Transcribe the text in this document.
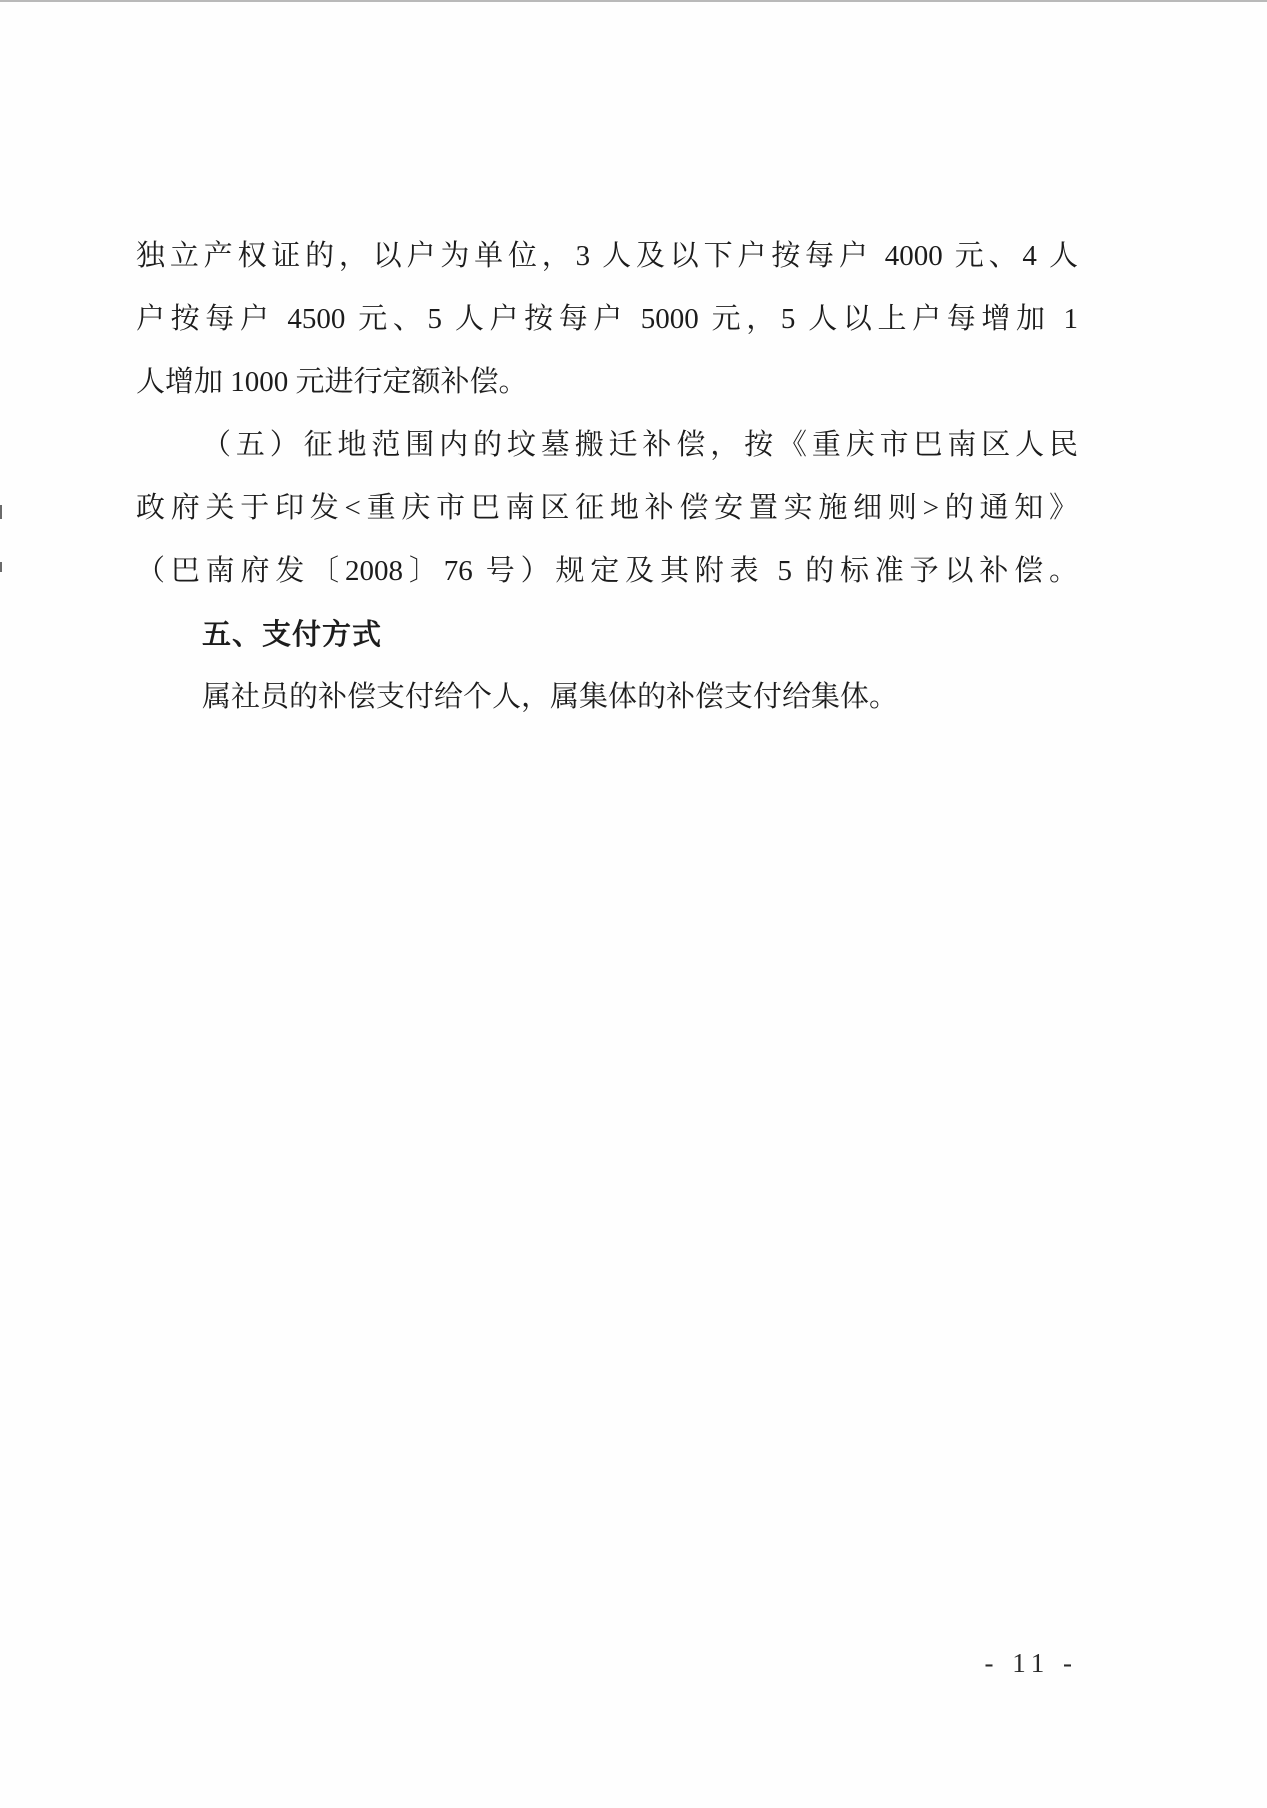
独立产权证的，以户为单位，3 人及以下户按每户 4000 元、4 人
户按每户 4500 元、5 人户按每户 5000 元，5 人以上户每增加 1
人增加 1000 元进行定额补偿。
（五）征地范围内的坟墓搬迁补偿，按《重庆市巴南区人民
政府关于印发<重庆市巴南区征地补偿安置实施细则>的通知》
（巴南府发〔2008〕76 号）规定及其附表 5 的标准予以补偿。
五、支付方式
属社员的补偿支付给个人，属集体的补偿支付给集体。
- 11 -
